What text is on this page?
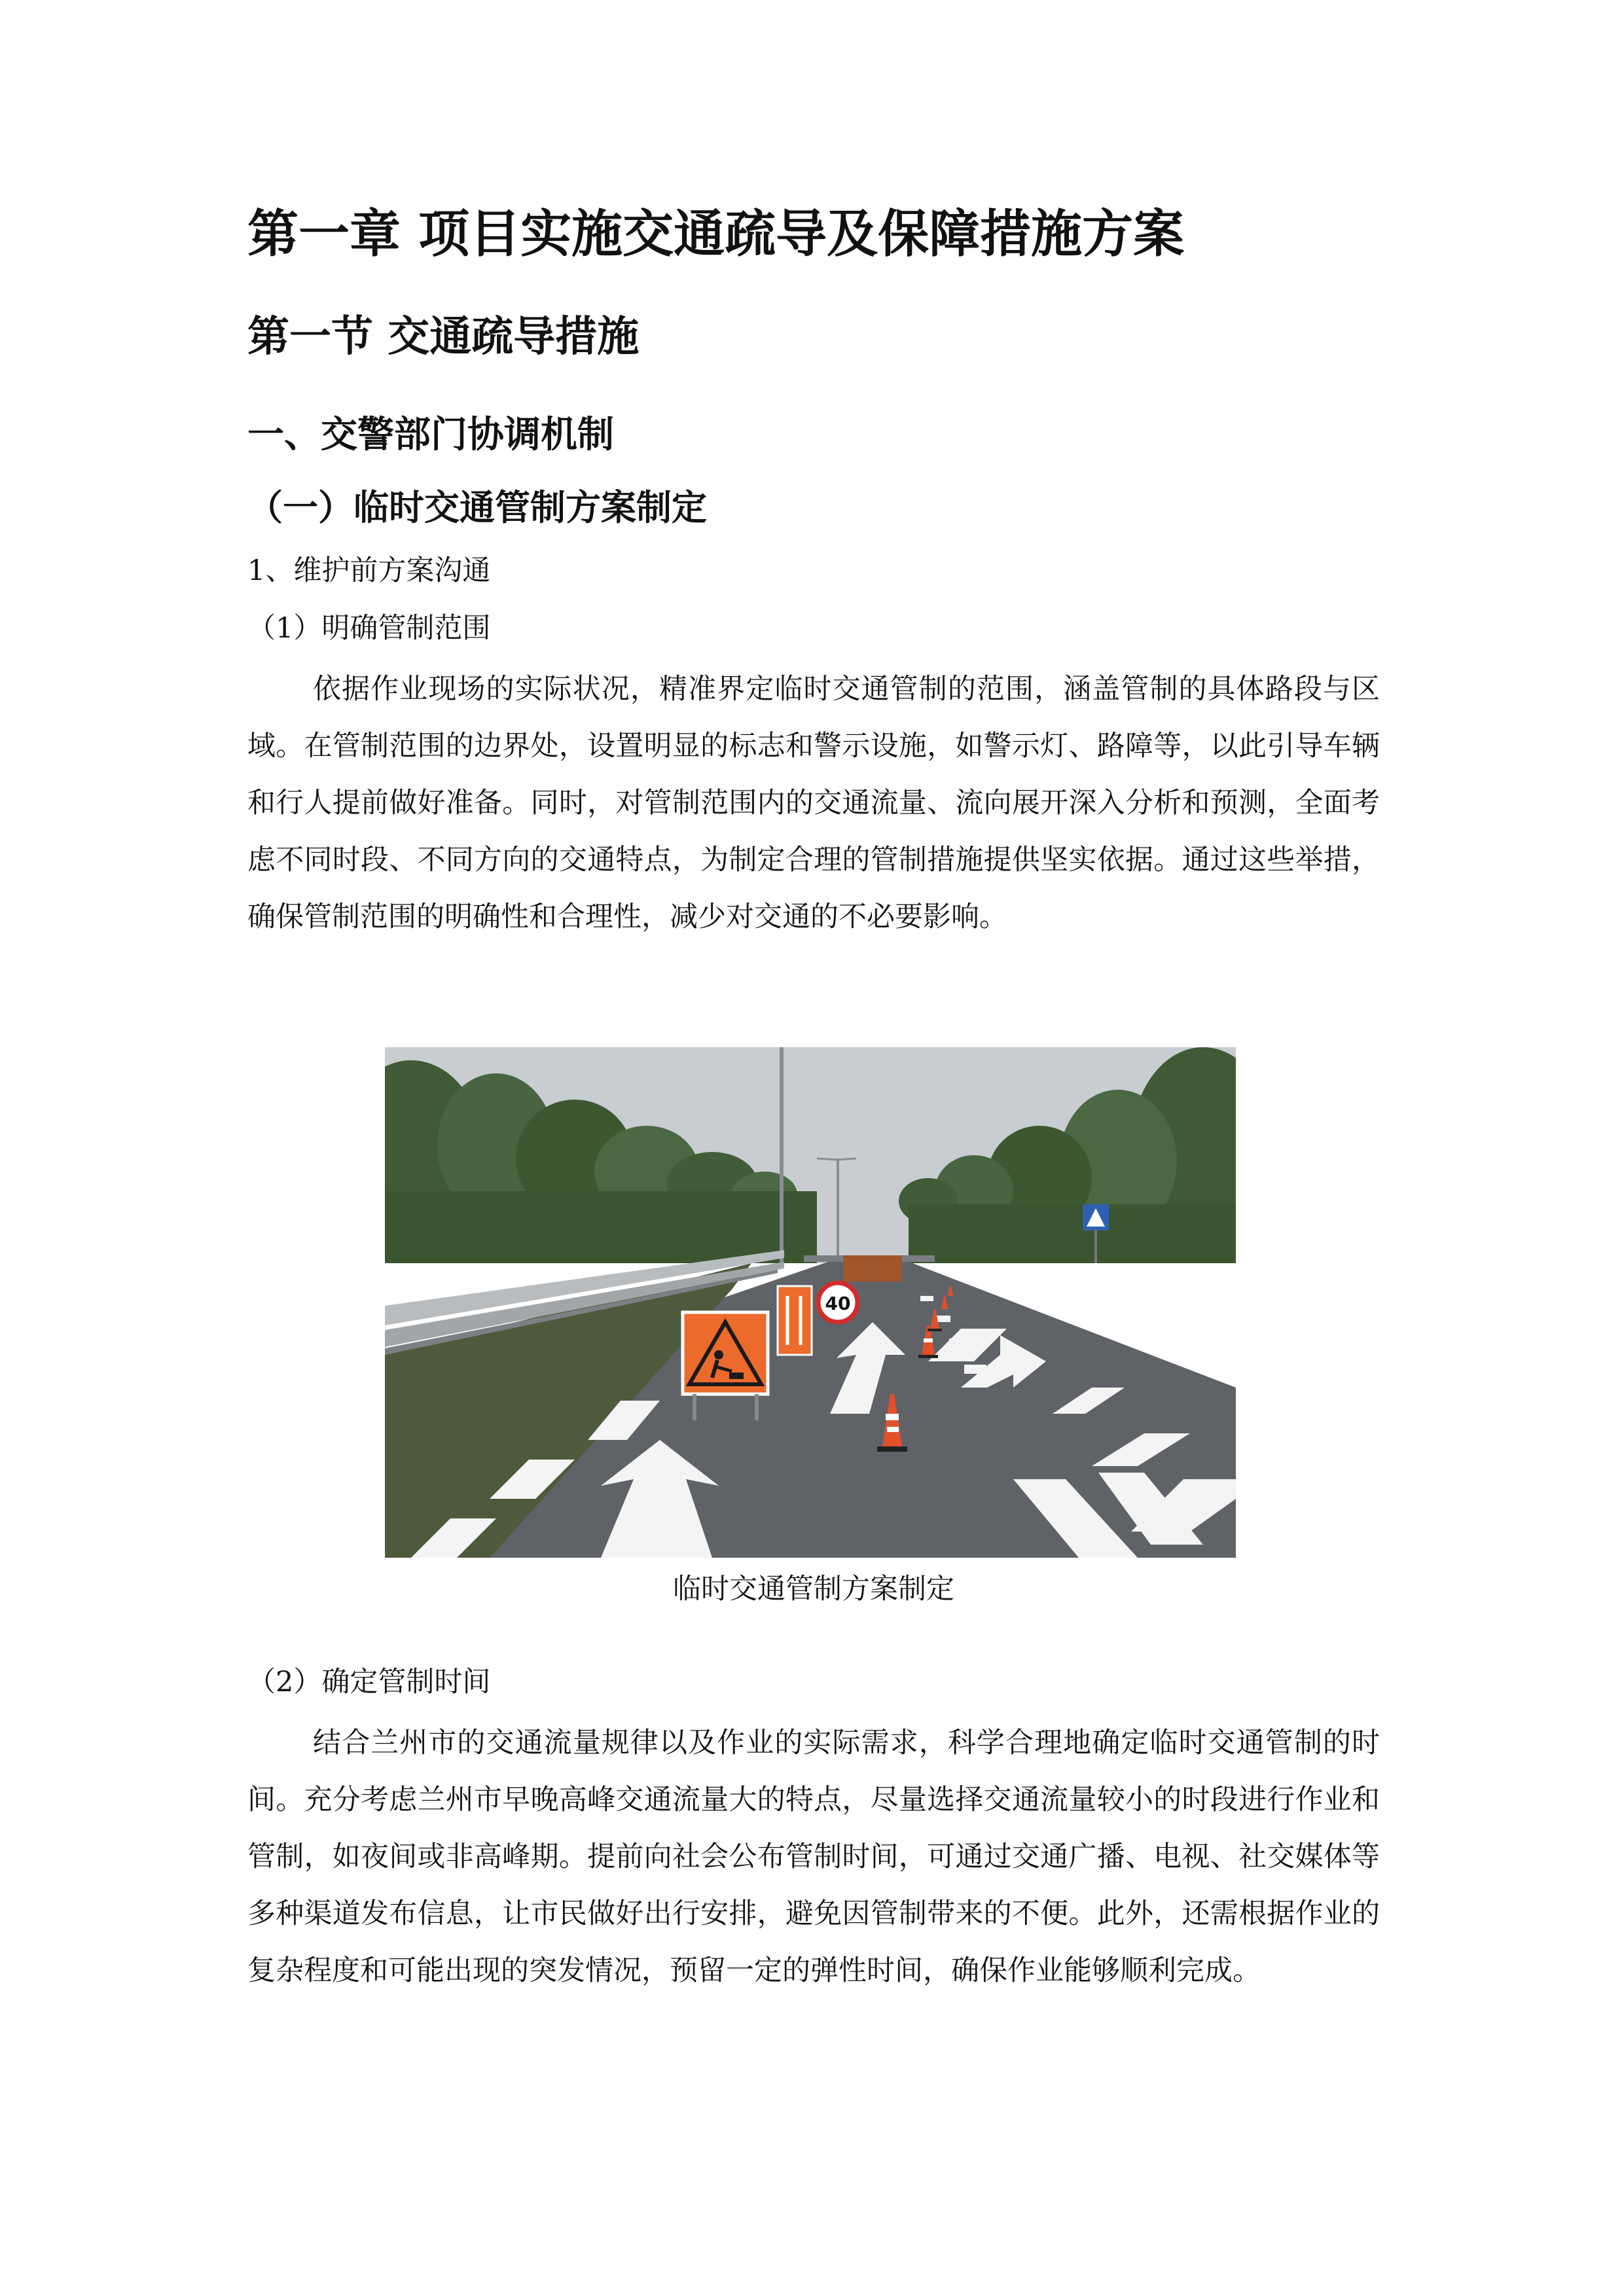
第一章 项目实施交通疏导及保障措施方案
第一节 交通疏导措施
一、交警部门协调机制
（一）临时交通管制方案制定

1、维护前方案沟通

（1）明确管制范围

依据作业现场的实际状况，精准界定临时交通管制的范围，涵盖管制的具体路段与区域。在管制范围的边界处，设置明显的标志和警示设施，如警示灯、路障等，以此引导车辆和行人提前做好准备。同时，对管制范围内的交通流量、流向展开深入分析和预测，全面考虑不同时段、不同方向的交通特点，为制定合理的管制措施提供坚实依据。通过这些举措，确保管制范围的明确性和合理性，减少对交通的不必要影响。

40

临时交通管制方案制定

（2）确定管制时间

结合兰州市的交通流量规律以及作业的实际需求，科学合理地确定临时交通管制的时间。充分考虑兰州市早晚高峰交通流量大的特点，尽量选择交通流量较小的时段进行作业和管制，如夜间或非高峰期。提前向社会公布管制时间，可通过交通广播、电视、社交媒体等多种渠道发布信息，让市民做好出行安排，避免因管制带来的不便。此外，还需根据作业的复杂程度和可能出现的突发情况，预留一定的弹性时间，确保作业能够顺利完成。
